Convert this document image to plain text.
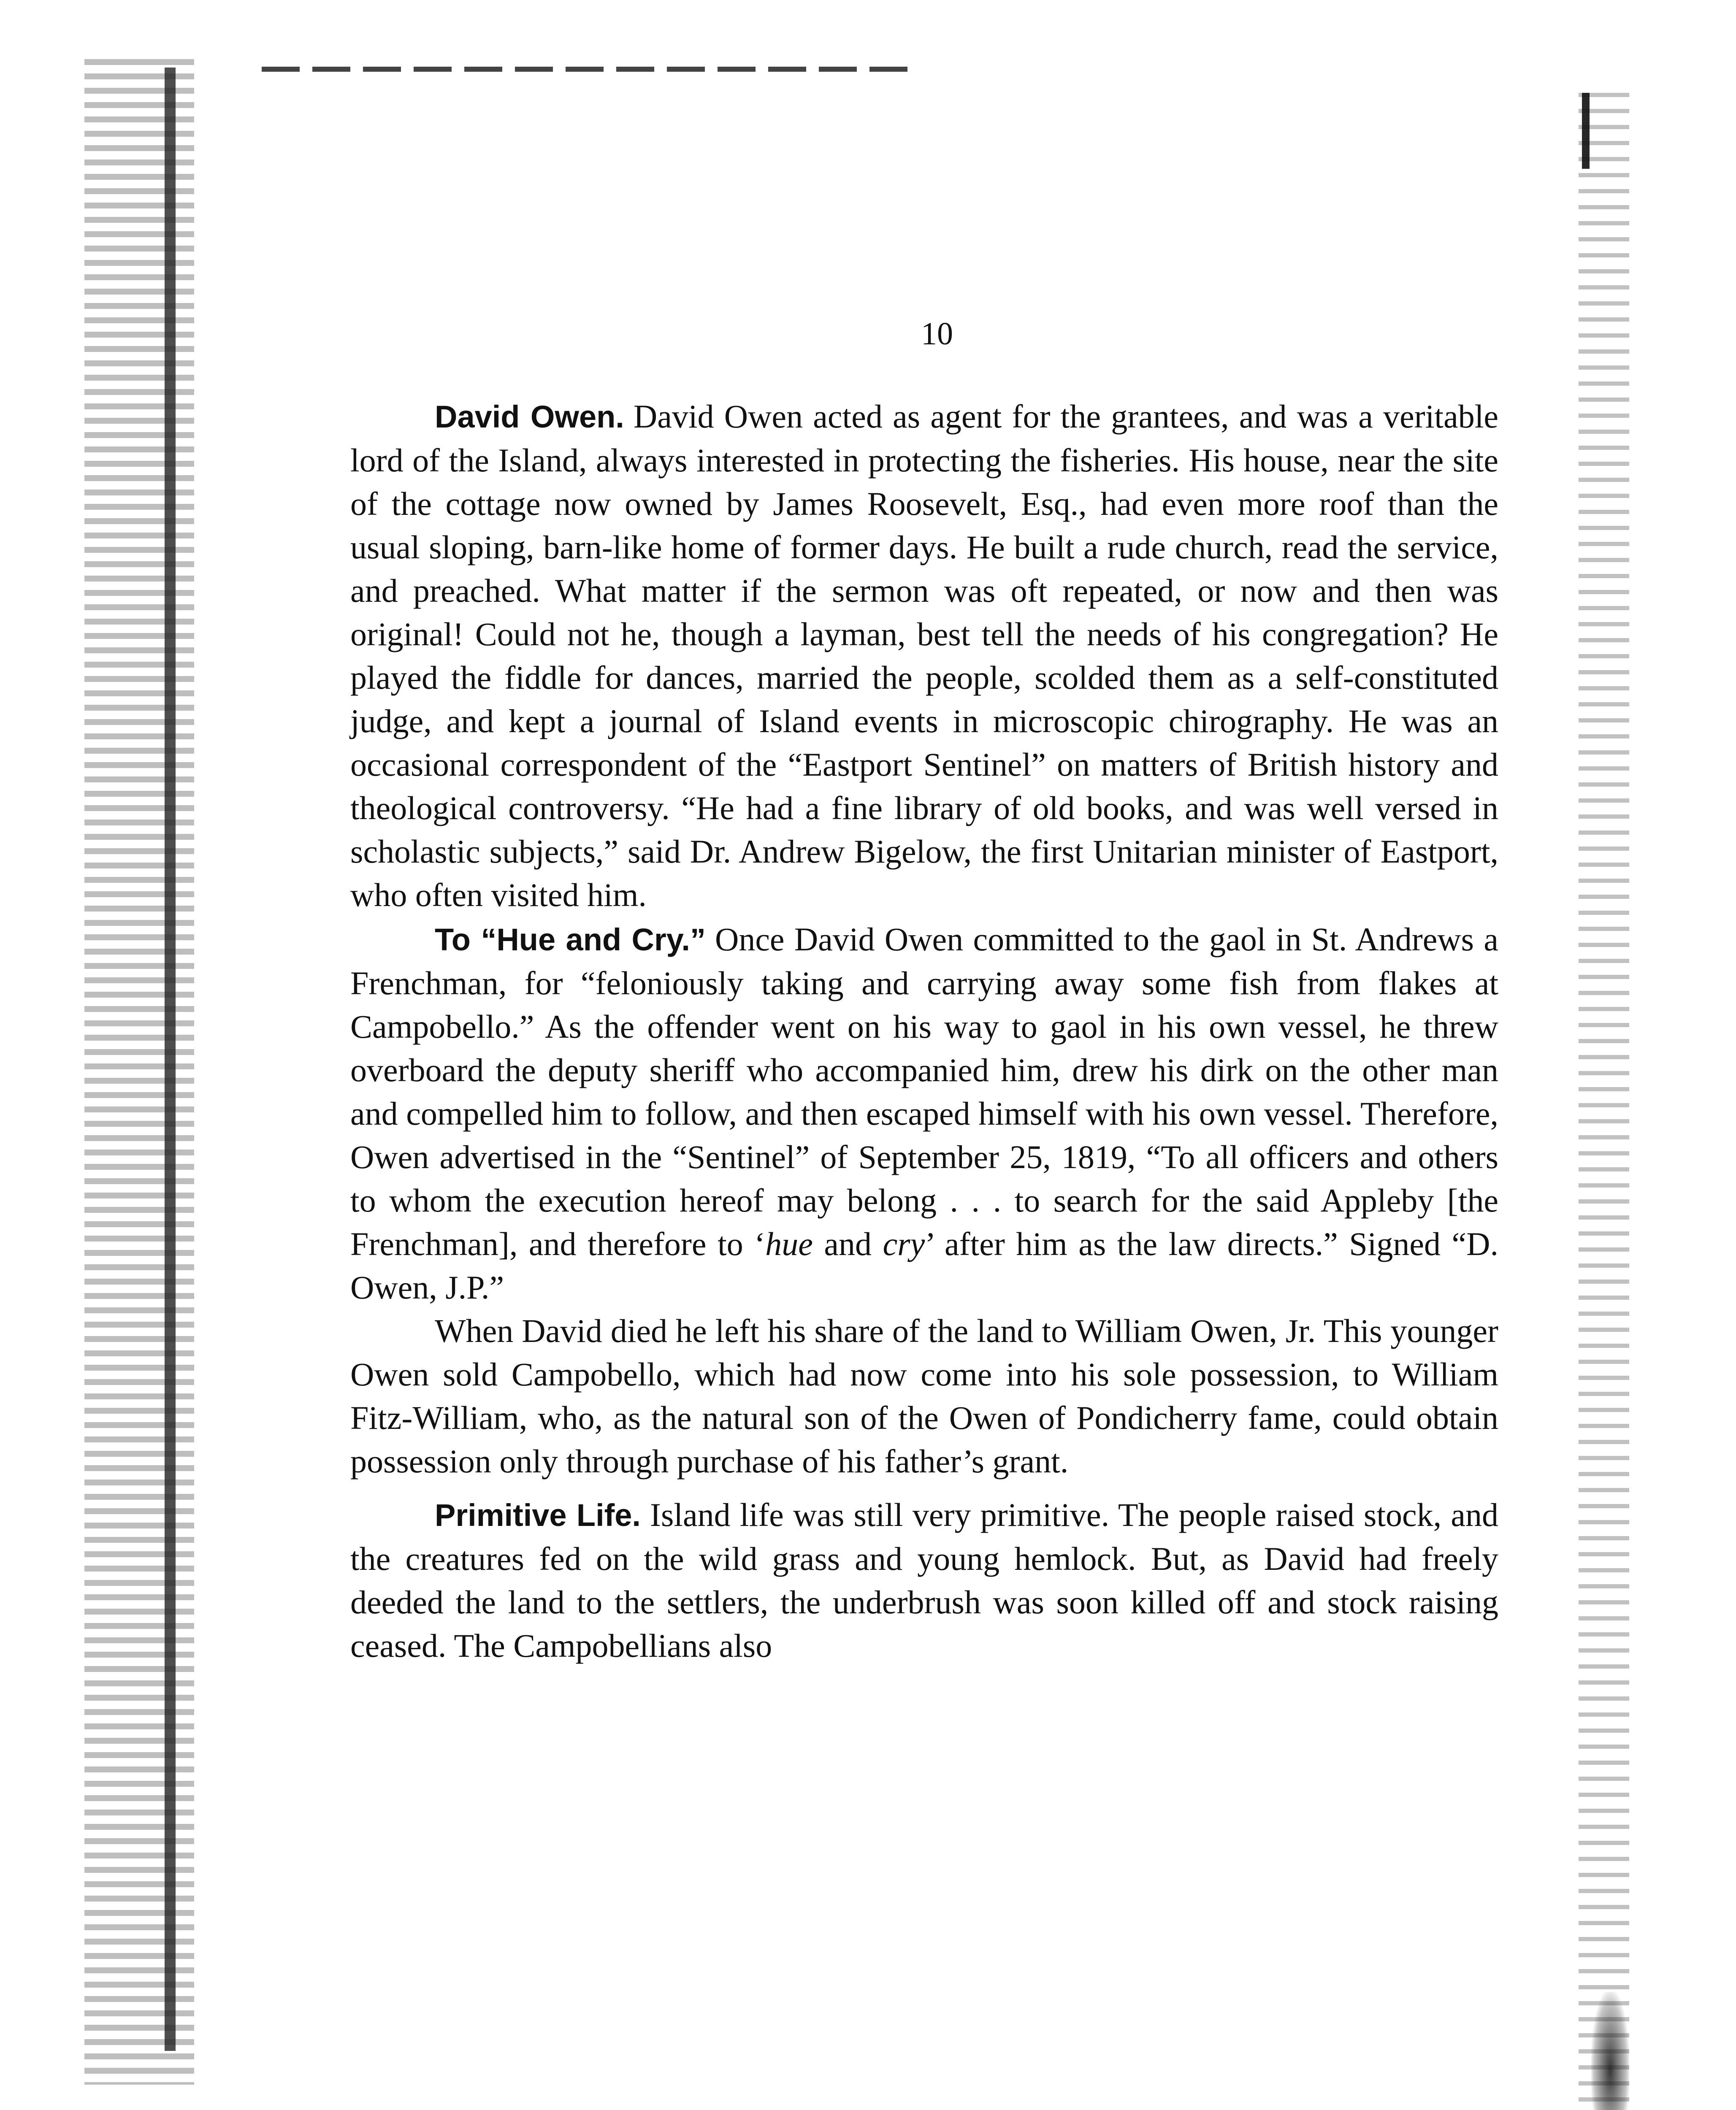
10

David Owen. David Owen acted as agent for the grantees, and was a veritable lord of the Island, always interested in protecting the fisheries. His house, near the site of the cottage now owned by James Roosevelt, Esq., had even more roof than the usual sloping, barn-like home of former days. He built a rude church, read the service, and preached. What matter if the sermon was oft repeated, or now and then was original! Could not he, though a layman, best tell the needs of his congregation? He played the fiddle for dances, married the people, scolded them as a self-constituted judge, and kept a journal of Island events in microscopic chirography. He was an occasional correspondent of the “Eastport Sentinel” on matters of British history and theological controversy. “He had a fine library of old books, and was well versed in scholastic subjects,” said Dr. Andrew Bigelow, the first Unitarian minister of Eastport, who often visited him.

To “Hue and Cry.” Once David Owen committed to the gaol in St. Andrews a Frenchman, for “feloniously taking and carrying away some fish from flakes at Campobello.” As the offender went on his way to gaol in his own vessel, he threw overboard the deputy sheriff who accompanied him, drew his dirk on the other man and compelled him to follow, and then escaped himself with his own vessel. Therefore, Owen advertised in the “Sentinel” of September 25, 1819, “To all officers and others to whom the execution hereof may belong . . . to search for the said Appleby [the Frenchman], and therefore to ‘hue and cry’ after him as the law directs.” Signed “D. Owen, J.P.”

When David died he left his share of the land to William Owen, Jr. This younger Owen sold Campobello, which had now come into his sole possession, to William Fitz-William, who, as the natural son of the Owen of Pondicherry fame, could obtain possession only through purchase of his father’s grant.

Primitive Life. Island life was still very primitive. The people raised stock, and the creatures fed on the wild grass and young hemlock. But, as David had freely deeded the land to the settlers, the underbrush was soon killed off and stock raising ceased. The Campobellians also
